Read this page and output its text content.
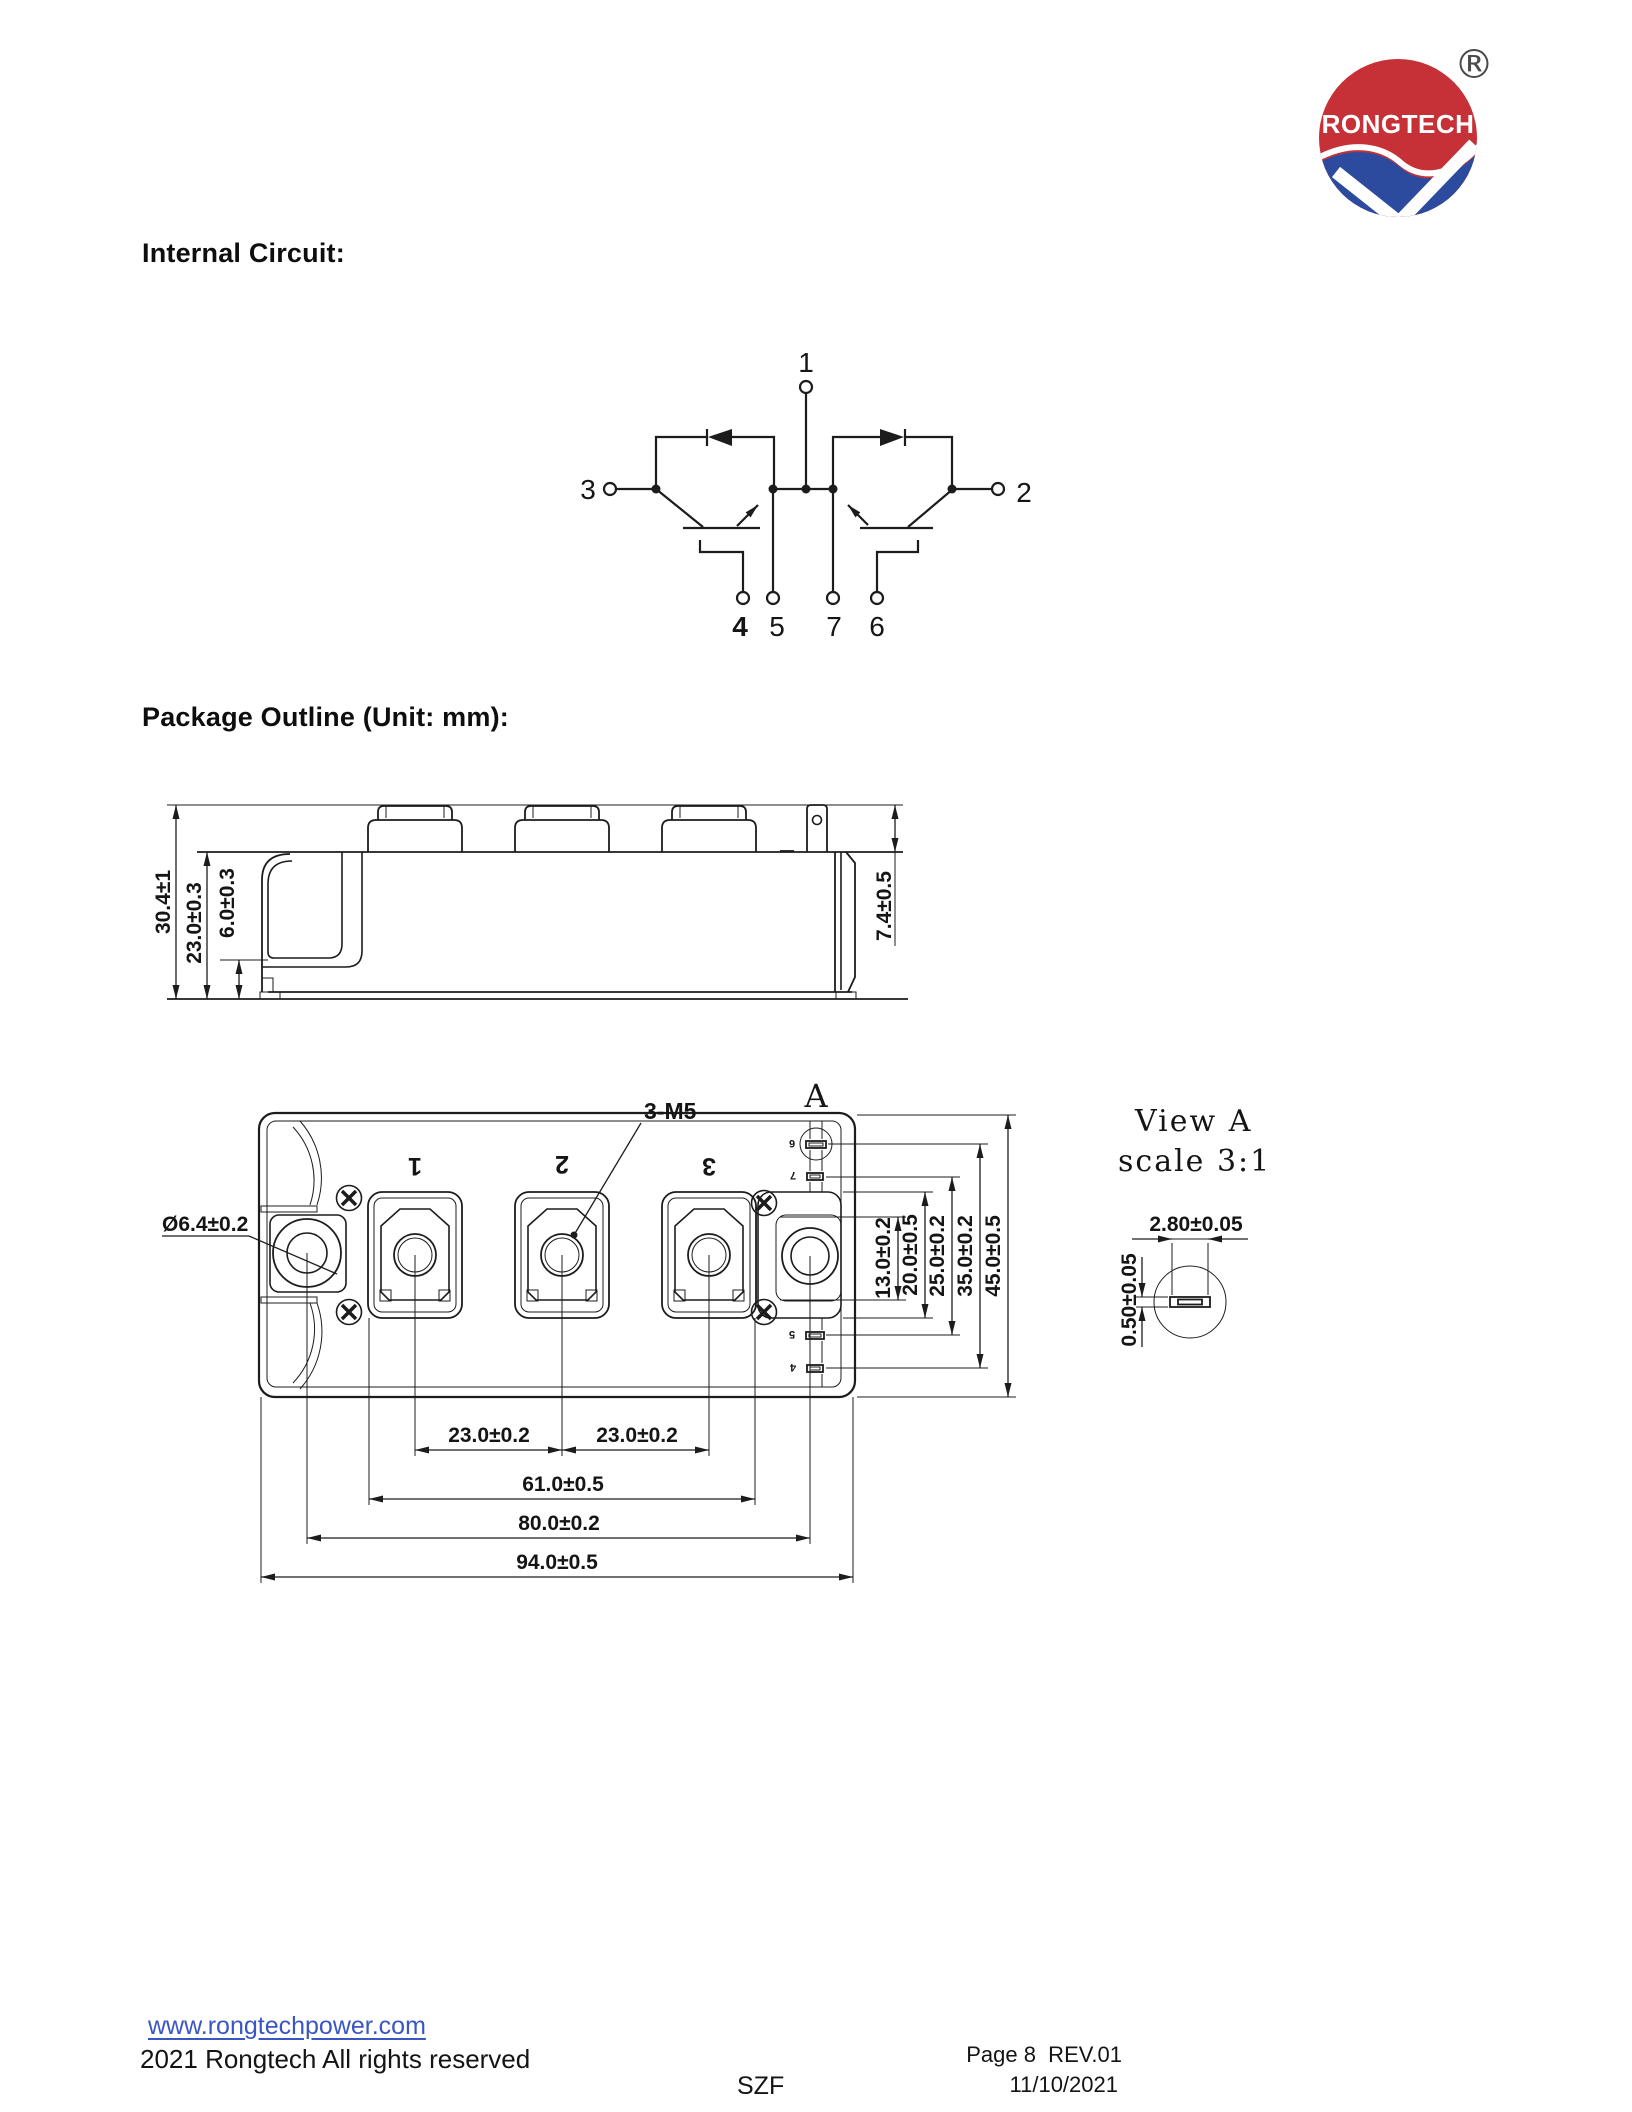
RONGTECH
®
Internal Circuit:
Package Outline (Unit: mm):
1
3	2
4 5 7 6
30.4±1 23.0±0.3 6.0±0.3	7.4±0.5
1	2	3
6
7
5
4
A
3-M5
Ø6.4±0.2
23.0±0.2	23.0±0.2
61.0±0.5
80.0±0.2
94.0±0.5
13.0±0.2 20.0±0.5 25.0±0.2 35.0±0.2 45.0±0.5
View A
scale 3:1
2.80±0.05
0.50±0.05
www.rongtechpower.com
2021 Rongtech All rights reserved
SZF
Page 8  REV.01
11/10/2021
